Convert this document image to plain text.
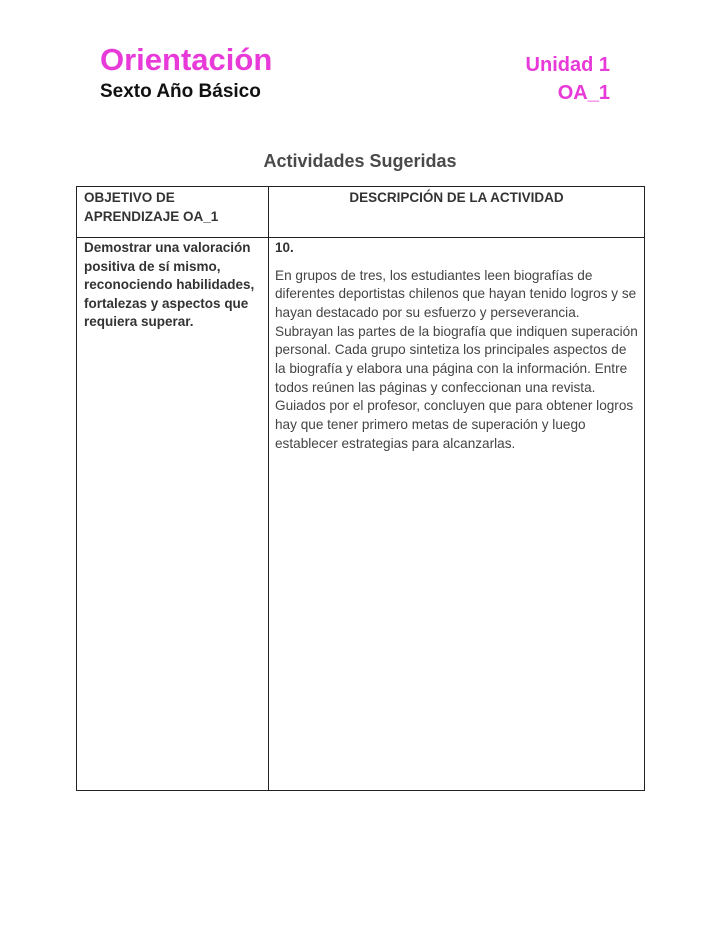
Orientación
Sexto Año Básico
Unidad 1
OA_1
Actividades Sugeridas
OBJETIVO DE APRENDIZAJE OA_1	DESCRIPCIÓN DE LA ACTIVIDAD
Demostrar una valoración positiva de sí mismo, reconociendo habilidades, fortalezas y aspectos que requiera superar.	10.
En grupos de tres, los estudiantes leen biografías de diferentes deportistas chilenos que hayan tenido logros y se hayan destacado por su esfuerzo y perseverancia. Subrayan las partes de la biografía que indiquen superación personal. Cada grupo sintetiza los principales aspectos de la biografía y elabora una página con la información. Entre todos reúnen las páginas y confeccionan una revista. Guiados por el profesor, concluyen que para obtener logros hay que tener primero metas de superación y luego establecer estrategias para alcanzarlas.
